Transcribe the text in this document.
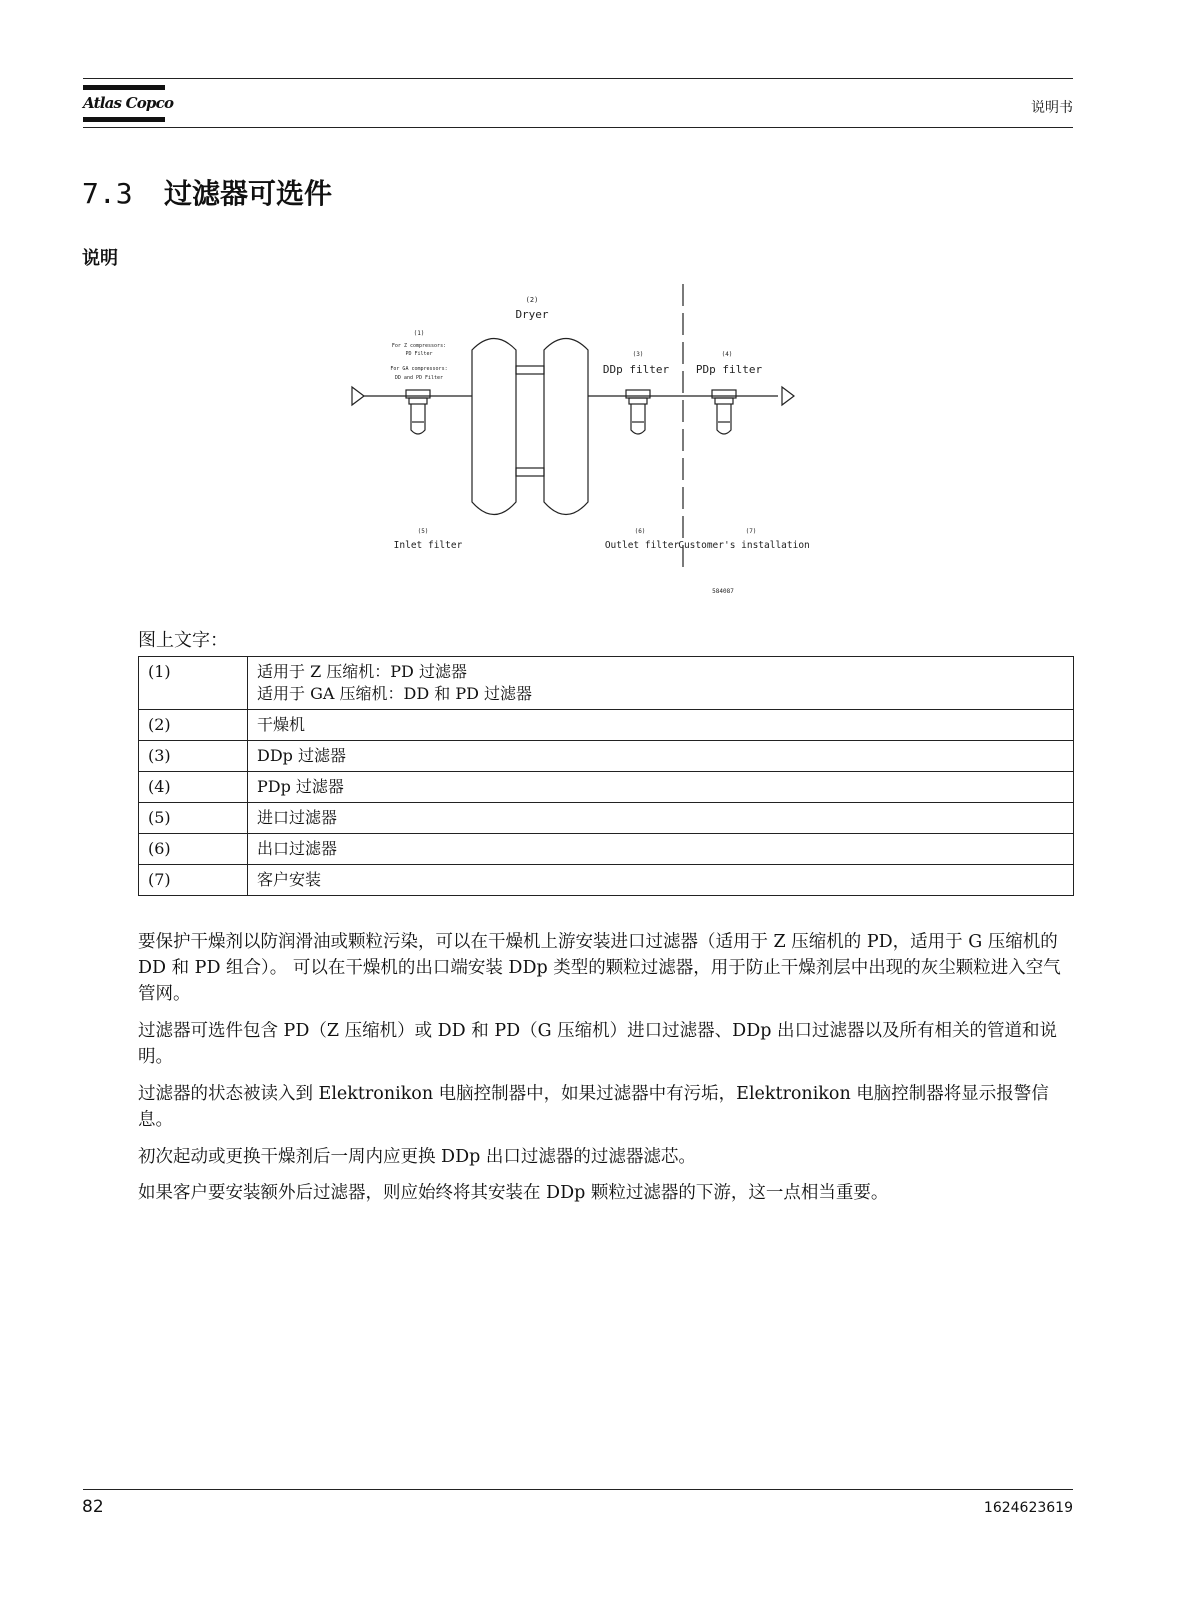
Atlas Copco	说明书
7.3 过滤器可选件
说明
(2)
Dryer
(1)
For Z compressors:
PD Filter
For GA compressors:
DD and PD Filter
(3)
DDp filter
(4)
PDp filter
(5)
Inlet filter
(6)
Outlet filter
(7)
Customer's installation
584087
图上文字：
(1)	适用于 Z 压缩机：PD 过滤器
适用于 GA 压缩机：DD 和 PD 过滤器

(2)	干燥机
(3)	DDp 过滤器
(4)	PDp 过滤器
(5)	进口过滤器
(6)	出口过滤器
(7)	客户安装

要保护干燥剂以防润滑油或颗粒污染，可以在干燥机上游安装进口过滤器（适用于 Z 压缩机的 PD，适用于 G 压缩机的 DD 和 PD 组合）。 可以在干燥机的出口端安装 DDp 类型的颗粒过滤器，用于防止干燥剂层中出现的灰尘颗粒进入空气管网。

过滤器可选件包含 PD（Z 压缩机）或 DD 和 PD（G 压缩机）进口过滤器、DDp 出口过滤器以及所有相关的管道和说明。

过滤器的状态被读入到 Elektronikon 电脑控制器中，如果过滤器中有污垢，Elektronikon 电脑控制器将显示报警信息。

初次起动或更换干燥剂后一周内应更换 DDp 出口过滤器的过滤器滤芯。

如果客户要安装额外后过滤器，则应始终将其安装在 DDp 颗粒过滤器的下游，这一点相当重要。

82	1624623619
